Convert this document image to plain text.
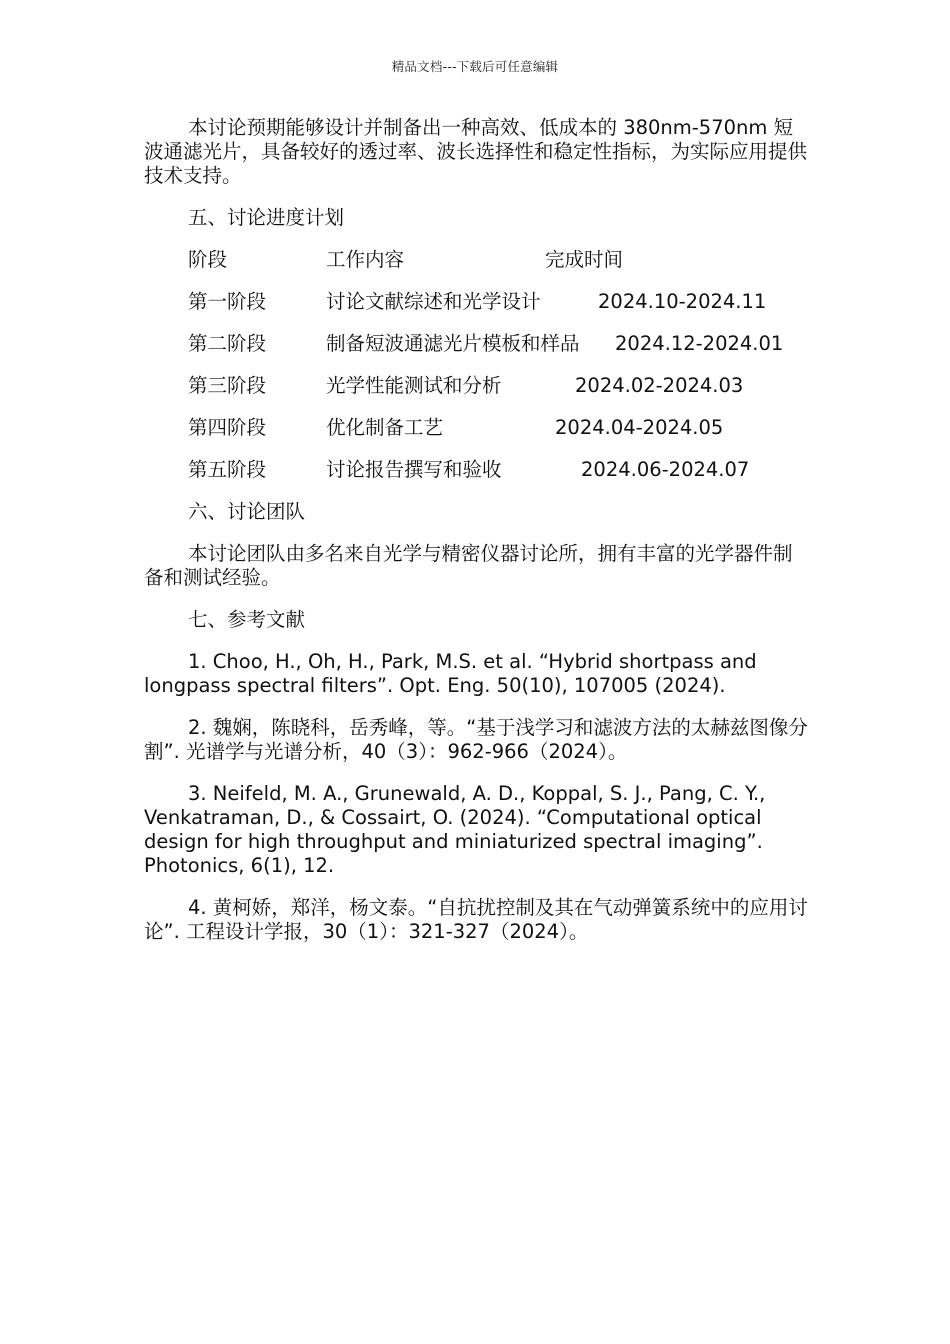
精品文档---下载后可任意编辑

本讨论预期能够设计并制备出一种高效、低成本的 380nm-570nm 短波通滤光片，具备较好的透过率、波长选择性和稳定性指标，为实际应用提供技术支持。

五、讨论进度计划

阶段	工作内容	完成时间
第一阶段	讨论文献综述和光学设计	2024.10-2024.11
第二阶段	制备短波通滤光片模板和样品 2024.12-2024.01
第三阶段	光学性能测试和分析	2024.02-2024.03
第四阶段	优化制备工艺	2024.04-2024.05
第五阶段	讨论报告撰写和验收	2024.06-2024.07

六、讨论团队

本讨论团队由多名来自光学与精密仪器讨论所，拥有丰富的光学器件制备和测试经验。

七、参考文献

1. Choo, H., Oh, H., Park, M.S. et al. “Hybrid shortpass and longpass spectral filters”. Opt. Eng. 50(10), 107005 (2024).

2. 魏娴，陈晓科，岳秀峰，等。“基于浅学习和滤波方法的太赫兹图像分割”. 光谱学与光谱分析，40（3）：962-966（2024）。

3. Neifeld, M. A., Grunewald, A. D., Koppal, S. J., Pang, C. Y., Venkatraman, D., & Cossairt, O. (2024). “Computational optical design for high throughput and miniaturized spectral imaging”. Photonics, 6(1), 12.

4. 黄柯娇，郑洋，杨文泰。“自抗扰控制及其在气动弹簧系统中的应用讨论”. 工程设计学报，30（1）：321-327（2024）。
